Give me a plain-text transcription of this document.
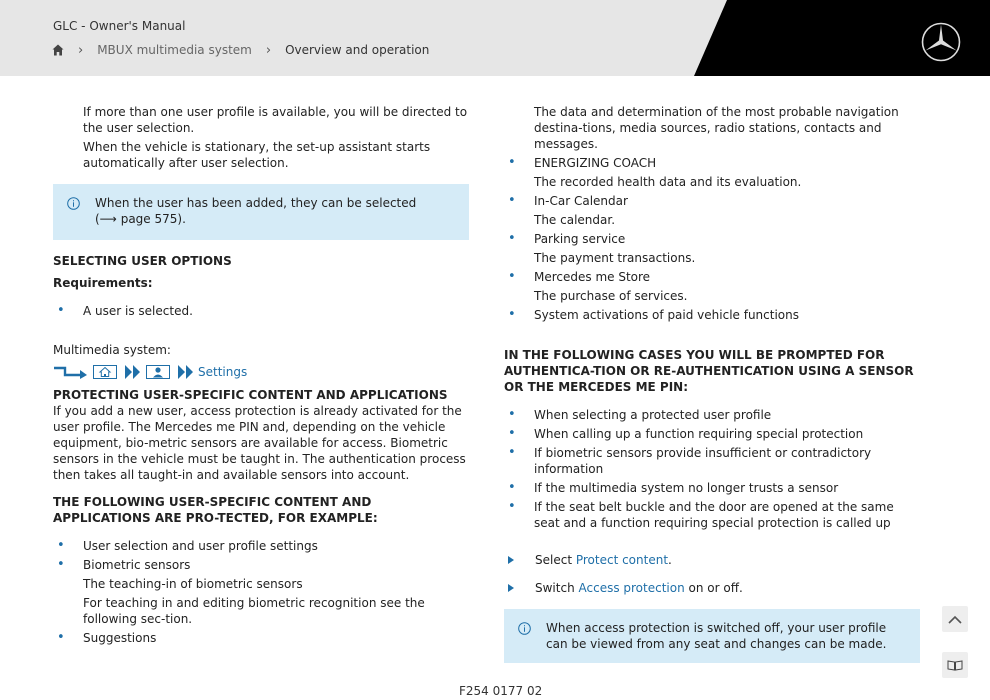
GLC - Owner's Manual
› MBUX multimedia system › Overview and operation

If more than one user profile is available, you will be directed to the user selection.

When the vehicle is stationary, the set-up assistant starts automatically after user selection.

When the user has been added, they can be selected

(⟶ page 575).

SELECTING USER OPTIONS

Requirements:

• A user is selected.

Multimedia system:

Settings

PROTECTING USER-SPECIFIC CONTENT AND APPLICATIONS

If you add a new user, access protection is already activated for the user profile. The Mercedes me PIN and, depending on the vehicle equipment, bio-metric sensors are available for access. Biometric sensors in the vehicle must be taught in. The authentication process then takes all taught-in and available sensors into account.

THE FOLLOWING USER-SPECIFIC CONTENT AND APPLICATIONS ARE PRO-TECTED, FOR EXAMPLE:

• User selection and user profile settings
• Biometric sensors
The teaching-in of biometric sensors
For teaching in and editing biometric recognition see the following sec-tion.
• Suggestions

The data and determination of the most probable navigation destina-tions, media sources, radio stations, contacts and messages.

• ENERGIZING COACH
The recorded health data and its evaluation.
• In-Car Calendar
The calendar.
• Parking service
The payment transactions.
• Mercedes me Store
The purchase of services.
• System activations of paid vehicle functions

IN THE FOLLOWING CASES YOU WILL BE PROMPTED FOR AUTHENTICA-TION OR RE-AUTHENTICATION USING A SENSOR OR THE MERCEDES ME PIN:

• When selecting a protected user profile
• When calling up a function requiring special protection
• If biometric sensors provide insufficient or contradictory information
• If the multimedia system no longer trusts a sensor
• If the seat belt buckle and the door are opened at the same seat and a function requiring special protection is called up
Select Protect content.
Switch Access protection on or off.

When access protection is switched off, your user profile can be viewed from any seat and changes can be made.

F254 0177 02
